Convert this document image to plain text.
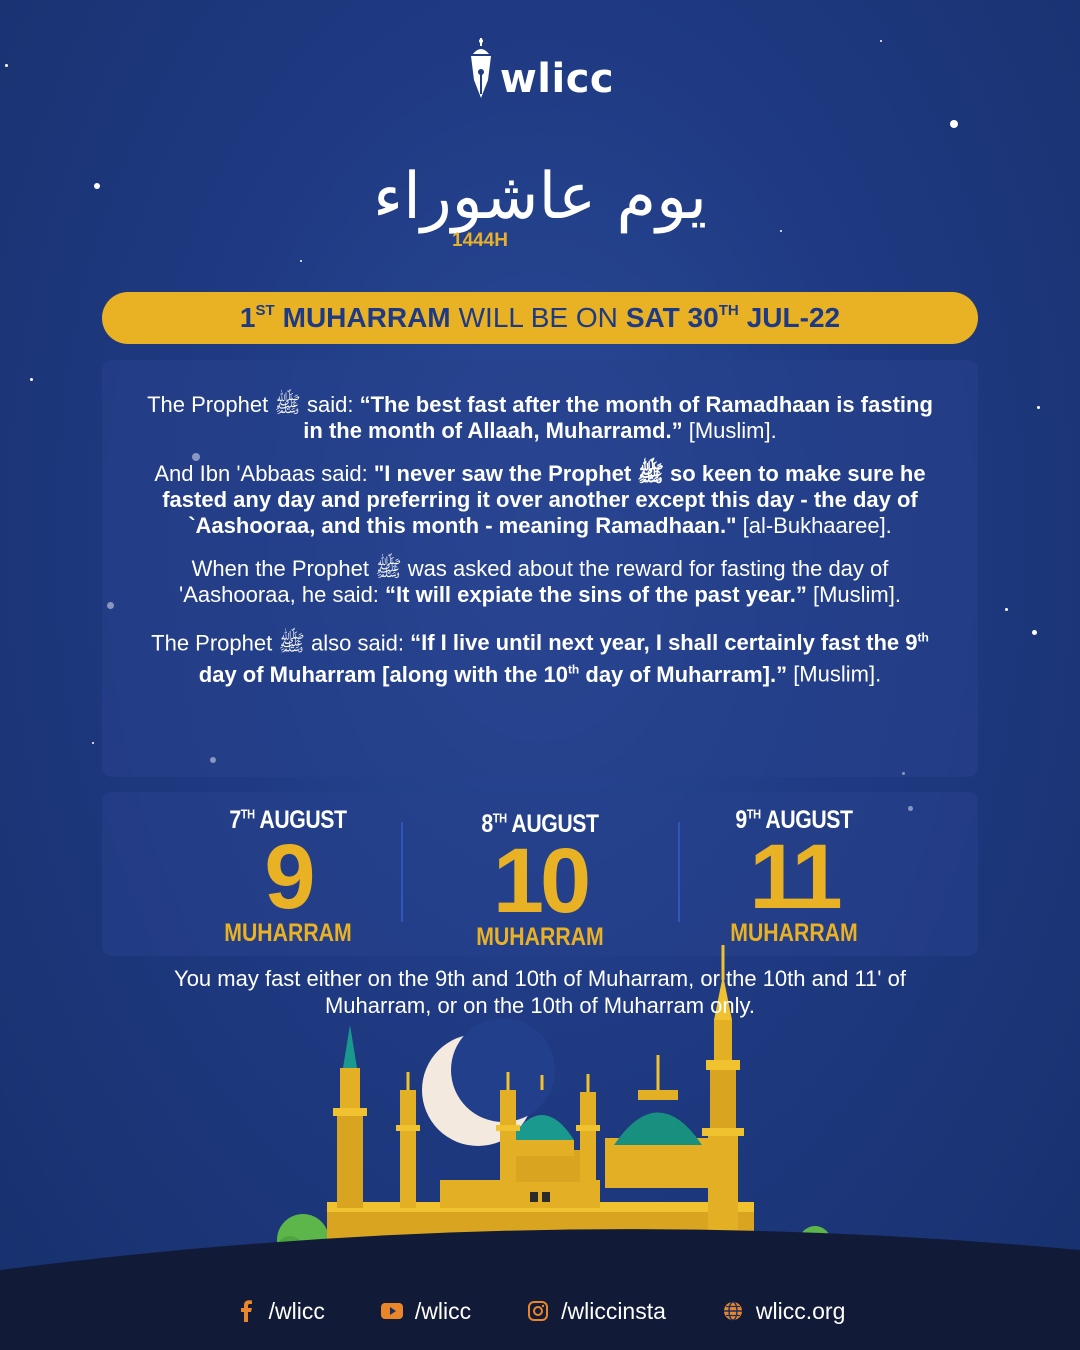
wlicc
يوم عاشوراء
1444H
1ST MUHARRAM WILL BE ON SAT 30TH JUL-22

The Prophet ﷺ said: “The best fast after the month of Ramadhaan is fasting in the month of Allaah, Muharramd.” [Muslim].

And Ibn 'Abbaas said: "I never saw the Prophet ﷺ so keen to make sure he fasted any day and preferring it over another except this day - the day of `Aashooraa, and this month - meaning Ramadhaan." [al-Bukhaaree].

When the Prophet ﷺ was asked about the reward for fasting the day of 'Aashooraa, he said: “It will expiate the sins of the past year.” [Muslim].

The Prophet ﷺ also said: “If I live until next year, I shall certainly fast the 9th day of Muharram [along with the 10th day of Muharram].” [Muslim].

7TH AUGUST
9
MUHARRAM
8TH AUGUST
10
MUHARRAM
9TH AUGUST
11
MUHARRAM
You may fast either on the 9th and 10th of Muharram, or the 10th and 11' of Muharram, or on the 10th of Muharram only.
/wlicc	/wlicc	/wliccinsta	wlicc.org
